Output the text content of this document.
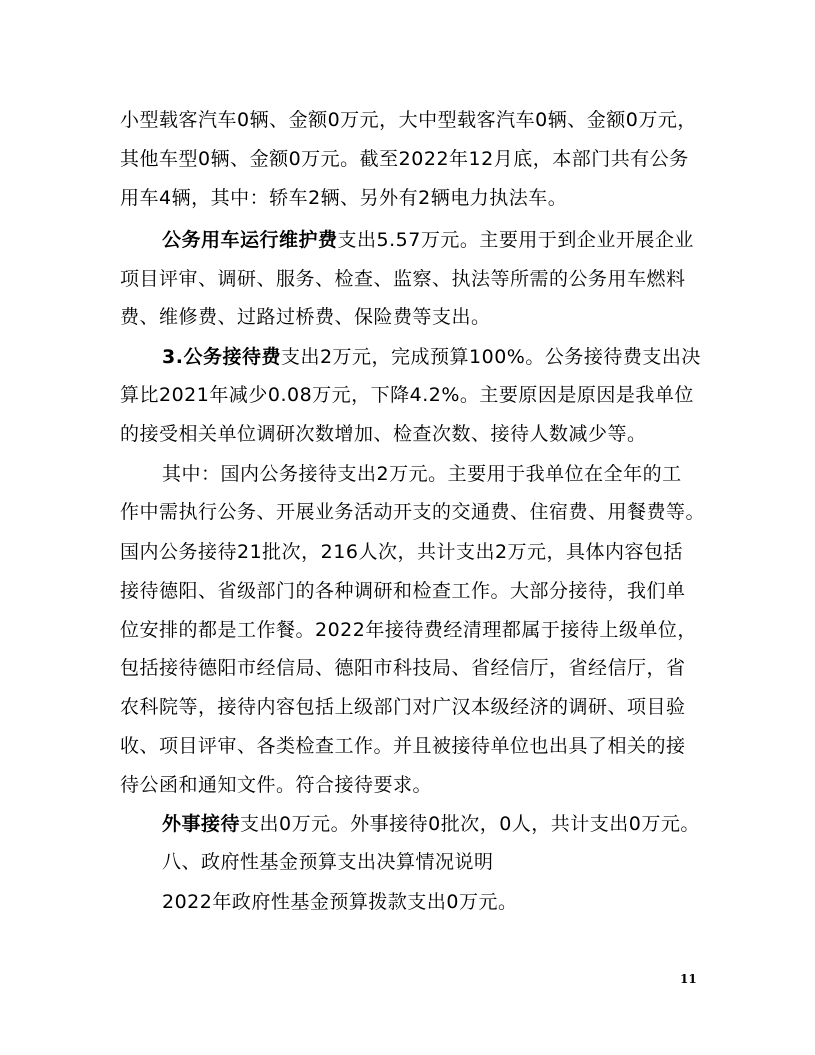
小型载客汽车0辆、金额0万元，大中型载客汽车0辆、金额0万元，
其他车型0辆、金额0万元。截至2022年12月底，本部门共有公务
用车4辆，其中：轿车2辆、另外有2辆电力执法车。
公务用车运行维护费支出5.57万元。主要用于到企业开展企业
项目评审、调研、服务、检查、监察、执法等所需的公务用车燃料
费、维修费、过路过桥费、保险费等支出。
3.公务接待费支出2万元，完成预算100%。公务接待费支出决
算比2021年减少0.08万元，下降4.2%。主要原因是原因是我单位
的接受相关单位调研次数增加、检查次数、接待人数减少等。
其中：国内公务接待支出2万元。主要用于我单位在全年的工
作中需执行公务、开展业务活动开支的交通费、住宿费、用餐费等。
国内公务接待21批次，216人次，共计支出2万元，具体内容包括
接待德阳、省级部门的各种调研和检查工作。大部分接待，我们单
位安排的都是工作餐。2022年接待费经清理都属于接待上级单位，
包括接待德阳市经信局、德阳市科技局、省经信厅，省经信厅，省
农科院等，接待内容包括上级部门对广汉本级经济的调研、项目验
收、项目评审、各类检查工作。并且被接待单位也出具了相关的接
待公函和通知文件。符合接待要求。
外事接待支出0万元。外事接待0批次，0人，共计支出0万元。
八、政府性基金预算支出决算情况说明
2022年政府性基金预算拨款支出0万元。
11
